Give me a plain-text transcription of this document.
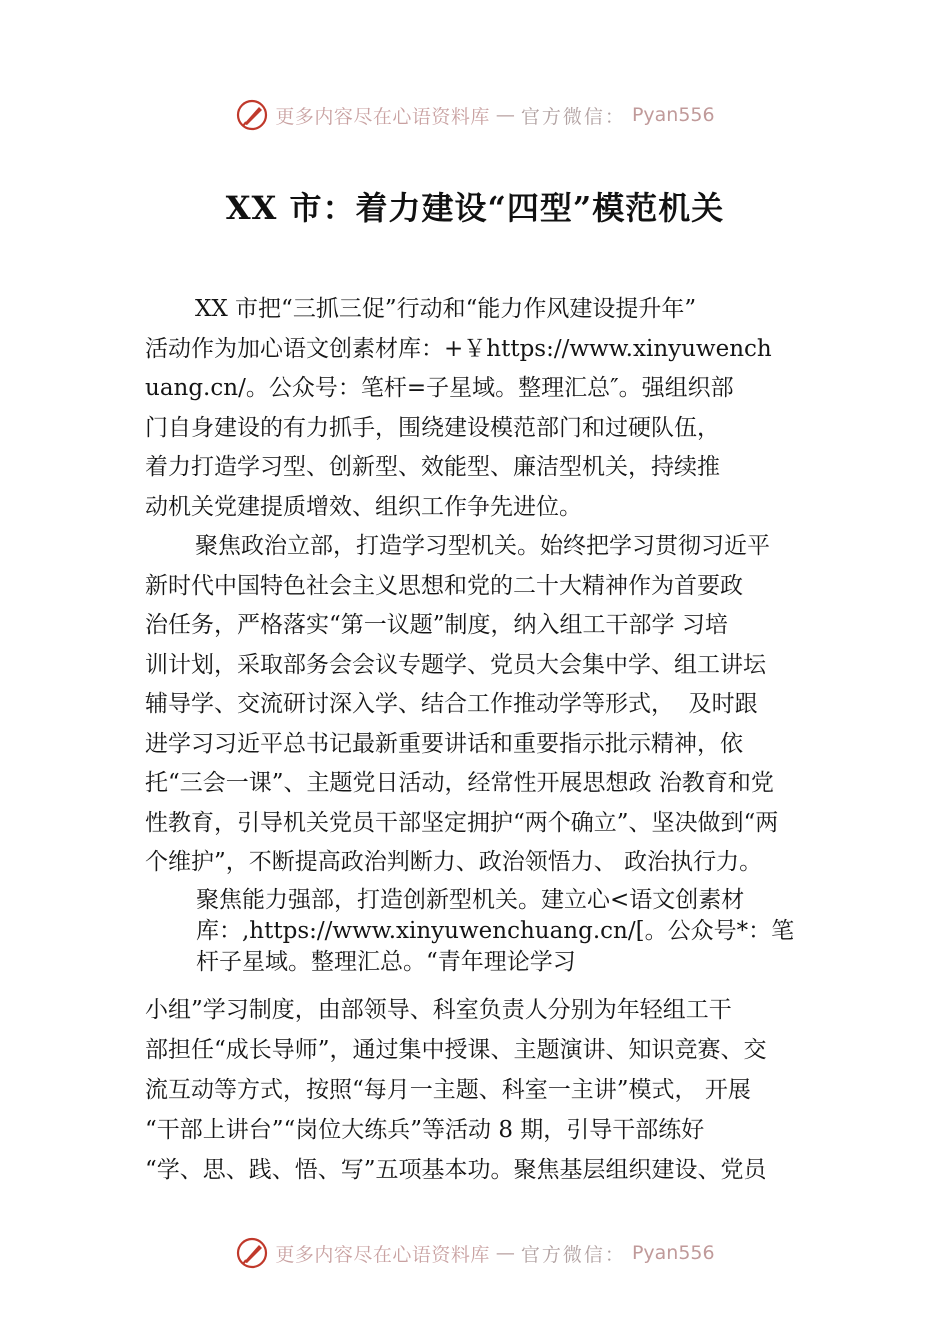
更多内容尽在心语资料库 — 官方微信： Pyan556
XX 市：着力建设“四型”模范机关
XX 市把“三抓三促”行动和“能力作风建设提升年”
活动作为加心语文创素材库：+￥https://www.xinyuwench
uang.cn/。公众号：笔杆=子星域。整理汇总″。强组织部
门自身建设的有力抓手，围绕建设模范部门和过硬队伍，
着力打造学习型、创新型、效能型、廉洁型机关，持续推
动机关党建提质增效、组织工作争先进位。
聚焦政治立部，打造学习型机关。始终把学习贯彻习近平
新时代中国特色社会主义思想和党的二十大精神作为首要政
治任务，严格落实“第一议题”制度，纳入组工干部学 习培
训计划，采取部务会会议专题学、党员大会集中学、组工讲坛
辅导学、交流研讨深入学、结合工作推动学等形式，  及时跟
进学习习近平总书记最新重要讲话和重要指示批示精神，依
托“三会一课”、主题党日活动，经常性开展思想政 治教育和党
性教育，引导机关党员干部坚定拥护“两个确立”、坚决做到“两
个维护”，不断提高政治判断力、政治领悟力、 政治执行力。
聚焦能力强部，打造创新型机关。建立心<语文创素材
库：,https://www.xinyuwenchuang.cn/[。公众号*：笔
杆子星域。整理汇总。“青年理论学习
小组”学习制度，由部领导、科室负责人分别为年轻组工干
部担任“成长导师”，通过集中授课、主题演讲、知识竞赛、交
流互动等方式，按照“每月一主题、科室一主讲”模式， 开展
“干部上讲台”“岗位大练兵”等活动 8 期，引导干部练好
“学、思、践、悟、写”五项基本功。聚焦基层组织建设、党员
更多内容尽在心语资料库 — 官方微信： Pyan556
